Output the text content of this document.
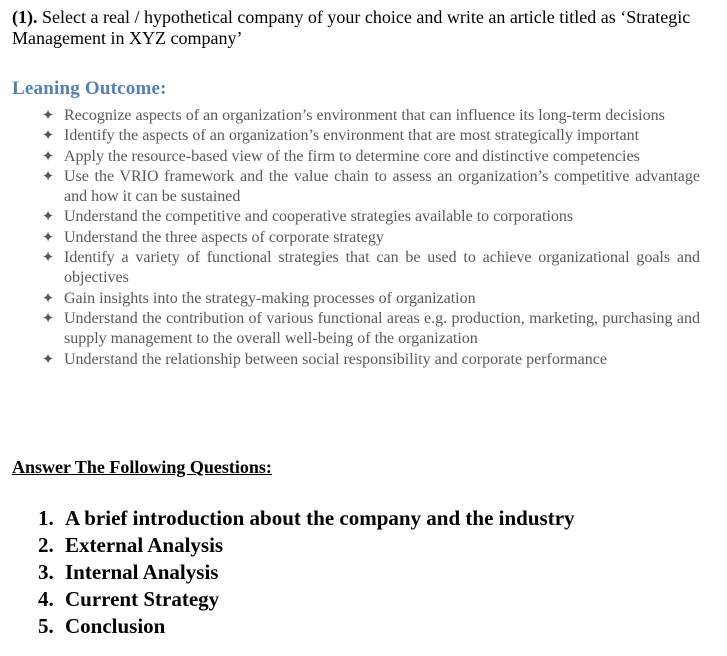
(1). Select a real / hypothetical company of your choice and write an article titled as ‘Strategic Management in XYZ company’
Leaning Outcome:
✦ Recognize aspects of an organization’s environment that can influence its long-term decisions
✦ Identify the aspects of an organization’s environment that are most strategically important
✦ Apply the resource-based view of the firm to determine core and distinctive competencies
✦ Use the VRIO framework and the value chain to assess an organization’s competitive advantage and how it can be sustained
✦ Understand the competitive and cooperative strategies available to corporations
✦ Understand the three aspects of corporate strategy
✦ Identify a variety of functional strategies that can be used to achieve organizational goals and objectives
✦ Gain insights into the strategy-making processes of organization
✦ Understand the contribution of various functional areas e.g. production, marketing, purchasing and supply management to the overall well-being of the organization
✦ Understand the relationship between social responsibility and corporate performance
Answer The Following Questions:
1. A brief introduction about the company and the industry
2. External Analysis
3. Internal Analysis
4. Current Strategy
5. Conclusion
